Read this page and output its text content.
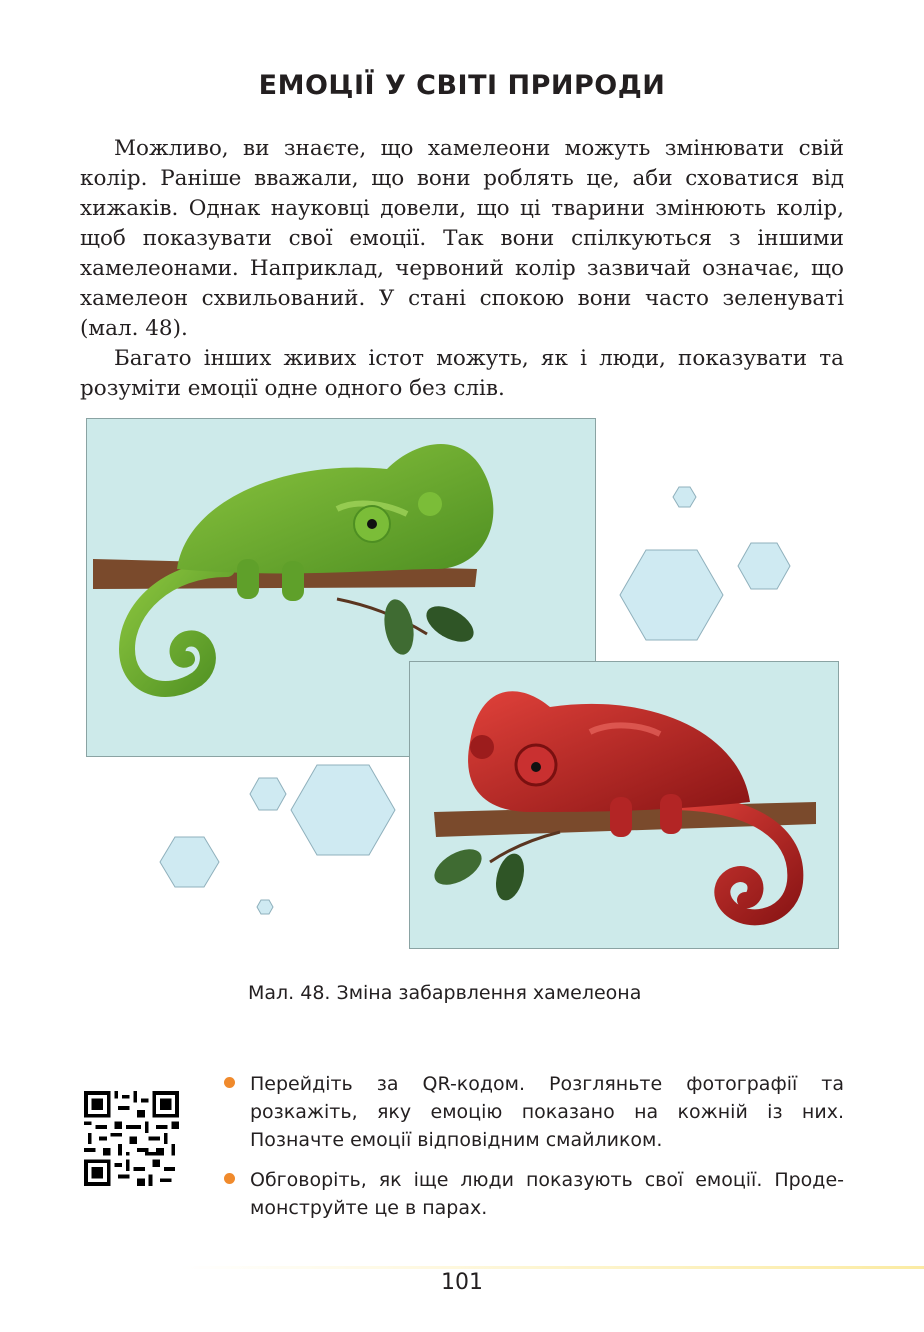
ЕМОЦІЇ У СВІТІ ПРИРОДИ

Можливо, ви знаєте, що хамелеони можуть змінювати свій колір. Раніше вважали, що вони роблять це, аби сховатися від хижаків. Однак науковці довели, що ці тварини змінюють колір, щоб показувати свої емоції. Так вони спілкуються з іншими хамелеонами. Наприклад, червоний колір зазвичай означає, що хамелеон схвильований. У стані спокою вони часто зеленуваті (мал. 48).

Багато інших живих істот можуть, як і люди, показувати та розуміти емоції одне одного без слів.

Мал. 48. Зміна забарвлення хамелеона
Перейдіть за QR-кодом. Розгляньте фотографії та розкажіть, яку емоцію показано на кожній із них. Позначте емоції відповідним смайликом.
Обговоріть, як іще люди показують свої емоції. Продемонструйте це в парах.
101
